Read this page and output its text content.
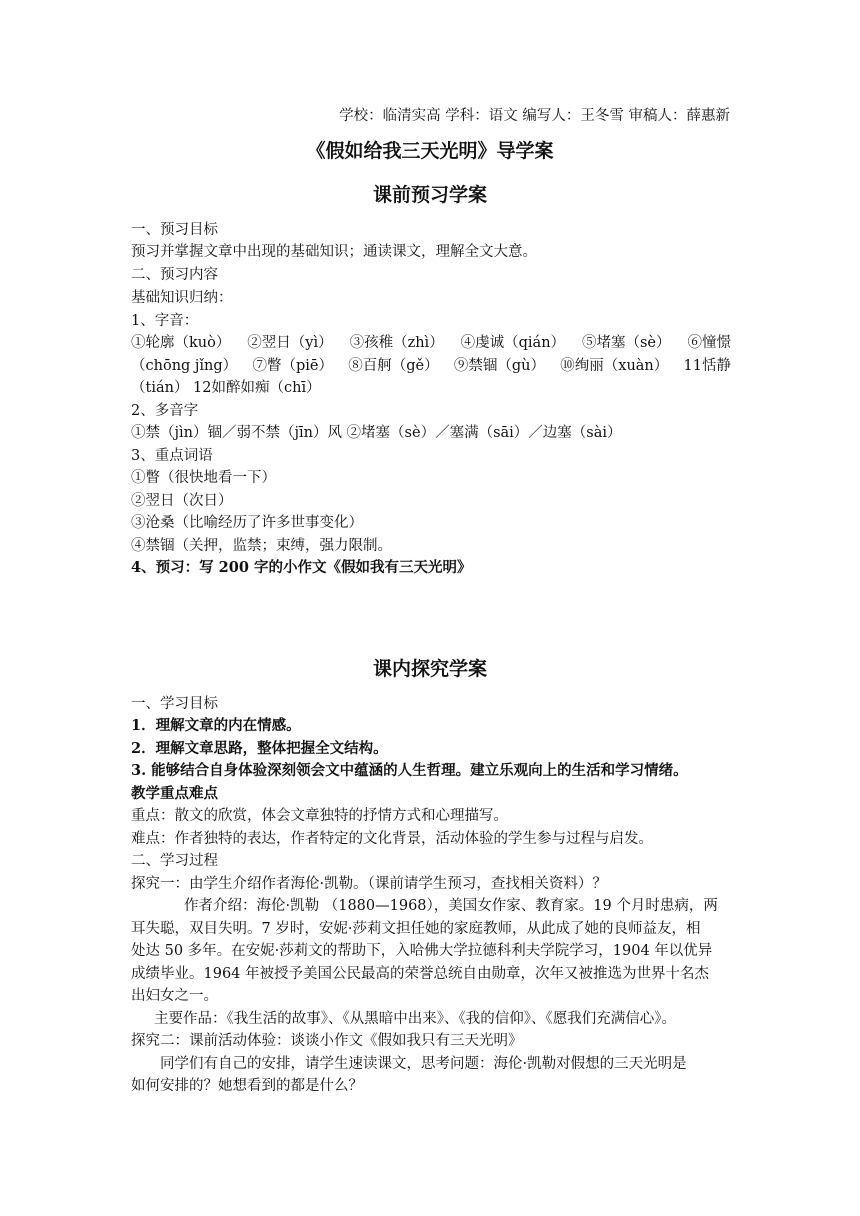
学校：临清实高 学科：语文 编写人：王冬雪 审稿人：薛惠新
《假如给我三天光明》导学案
课前预习学案
一、预习目标
预习并掌握文章中出现的基础知识；通读课文，理解全文大意。
二、预习内容
基础知识归纳：
1、字音：
①轮廓（kuò） ②翌日（yì） ③孩稚（zhì） ④虔诚（qián） ⑤堵塞（sè） ⑥憧憬
（chōng jǐng） ⑦瞥（piē） ⑧百舸（gě） ⑨禁锢（gù） ⑩绚丽（xuàn） 11恬静
（tián） 12如醉如痴（chī）
2、多音字
①禁（jìn）锢／弱不禁（jīn）风 ②堵塞（sè）／塞满（sāi）／边塞（sài）
3、重点词语
①瞥（很快地看一下）
②翌日（次日）
③沧桑（比喻经历了许多世事变化）
④禁锢（关押，监禁；束缚，强力限制。
4、预习：写 200 字的小作文《假如我有三天光明》
课内探究学案
一、学习目标
1．理解文章的内在情感。
2．理解文章思路，整体把握全文结构。
3. 能够结合自身体验深刻领会文中蕴涵的人生哲理。建立乐观向上的生活和学习情绪。
教学重点难点
重点：散文的欣赏，体会文章独特的抒情方式和心理描写。
难点：作者独特的表达，作者特定的文化背景，活动体验的学生参与过程与启发。
二、学习过程
探究一：由学生介绍作者海伦·凯勒。（课前请学生预习，查找相关资料）？
作者介绍：海伦·凯勒 （1880—1968），美国女作家、教育家。19 个月时患病，两
耳失聪，双目失明。7 岁时，安妮·莎莉文担任她的家庭教师，从此成了她的良师益友，相
处达 50 多年。在安妮·莎莉文的帮助下，入哈佛大学拉德科利夫学院学习，1904 年以优异
成绩毕业。1964 年被授予美国公民最高的荣誉总统自由勋章，次年又被推选为世界十名杰
出妇女之一。
主要作品：《我生活的故事》、《从黑暗中出来》、《我的信仰》、《愿我们充满信心》。
探究二：课前活动体验：谈谈小作文《假如我只有三天光明》
同学们有自己的安排，请学生速读课文，思考问题：海伦·凯勒对假想的三天光明是
如何安排的？她想看到的都是什么？
